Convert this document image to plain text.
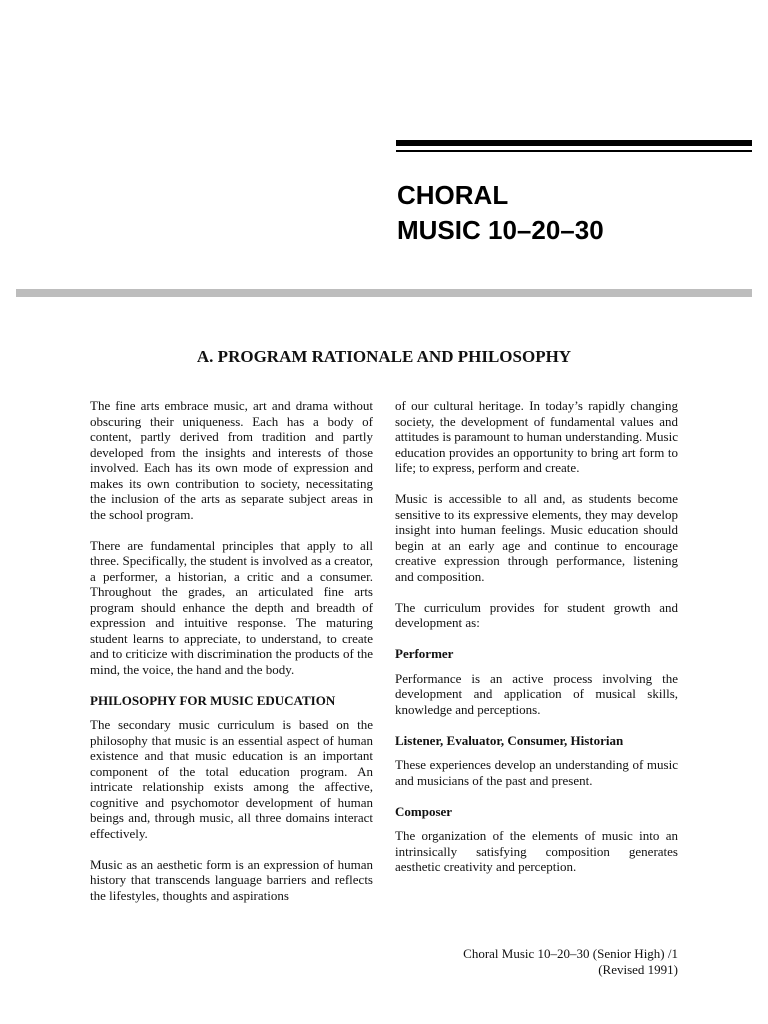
CHORAL
MUSIC 10–20–30
A. PROGRAM RATIONALE AND PHILOSOPHY

The fine arts embrace music, art and drama without obscuring their uniqueness. Each has a body of content, partly derived from tradition and partly developed from the insights and interests of those involved. Each has its own mode of expression and makes its own contribution to society, necessitating the inclusion of the arts as separate subject areas in the school program.

There are fundamental principles that apply to all three. Specifically, the student is involved as a creator, a performer, a historian, a critic and a consumer. Throughout the grades, an articulated fine arts program should enhance the depth and breadth of expression and intuitive response. The maturing student learns to appreciate, to understand, to create and to criticize with discrimination the products of the mind, the voice, the hand and the body.

PHILOSOPHY FOR MUSIC EDUCATION

The secondary music curriculum is based on the philosophy that music is an essential aspect of human existence and that music education is an important component of the total education program. An intricate relationship exists among the affective, cognitive and psychomotor development of human beings and, through music, all three domains interact effectively.

Music as an aesthetic form is an expression of human history that transcends language barriers and reflects the lifestyles, thoughts and aspirations

of our cultural heritage. In today’s rapidly changing society, the development of fundamental values and attitudes is paramount to human understanding. Music education provides an opportunity to bring art form to life; to express, perform and create.

Music is accessible to all and, as students become sensitive to its expressive elements, they may develop insight into human feelings. Music education should begin at an early age and continue to encourage creative expression through performance, listening and composition.

The curriculum provides for student growth and development as:

Performer

Performance is an active process involving the development and application of musical skills, knowledge and perceptions.

Listener, Evaluator, Consumer, Historian

These experiences develop an understanding of music and musicians of the past and present.

Composer

The organization of the elements of music into an intrinsically satisfying composition generates aesthetic creativity and perception.

Choral Music 10–20–30 (Senior High) /1
(Revised 1991)
